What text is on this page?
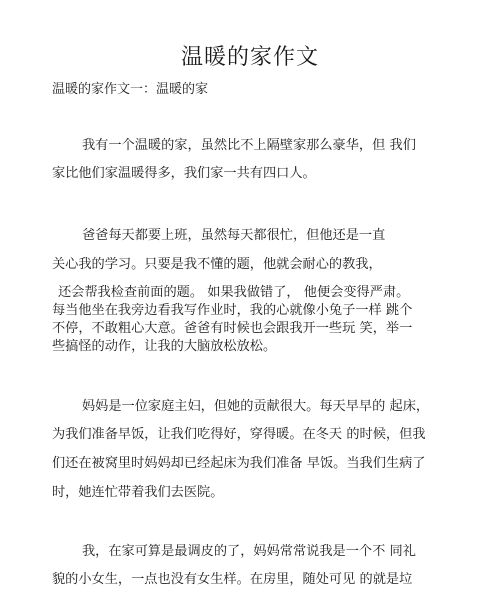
温暖的家作文
温暖的家作文一：温暖的家
我有一个温暖的家，虽然比不上隔壁家那么豪华，但 我们
家比他们家温暖得多，我们家一共有四口人。
爸爸每天都要上班，虽然每天都很忙，但他还是一直
关心我的学习。只要是我不懂的题，他就会耐心的教我，
还会帮我检查前面的题。 如果我做错了， 他便会变得严肃。
每当他坐在我旁边看我写作业时，我的心就像小兔子一样 跳个
不停，不敢粗心大意。爸爸有时候也会跟我开一些玩 笑，举一
些搞怪的动作，让我的大脑放松放松。
妈妈是一位家庭主妇，但她的贡献很大。每天早早的 起床，
为我们准备早饭，让我们吃得好，穿得暖。在冬天 的时候，但我
们还在被窝里时妈妈却已经起床为我们准备 早饭。当我们生病了
时，她连忙带着我们去医院。
我，在家可算是最调皮的了，妈妈常常说我是一个不 同礼
貌的小女生，一点也没有女生样。在房里，随处可见 的就是垃
